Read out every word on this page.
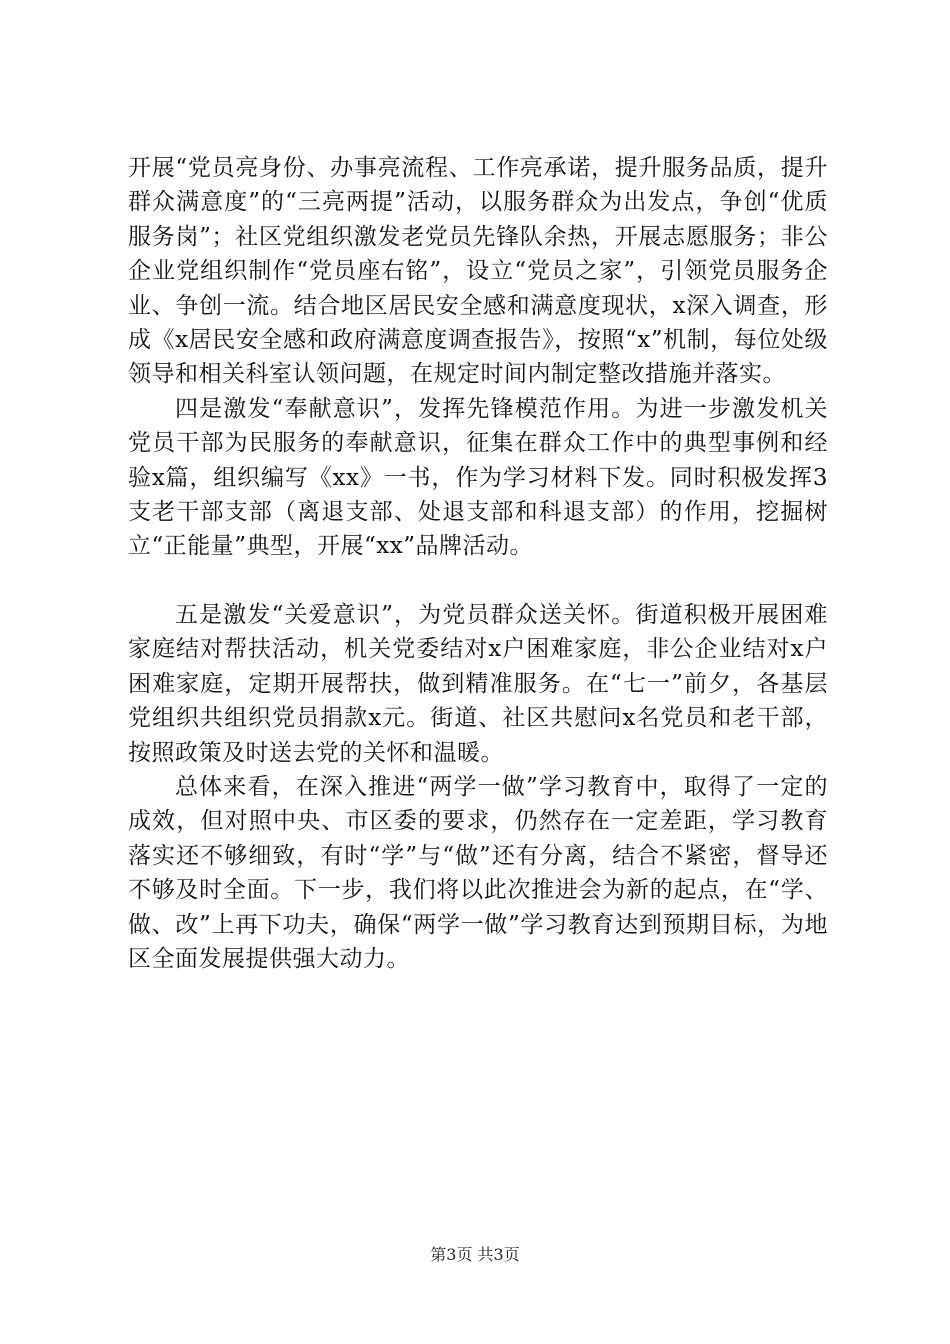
开展“党员亮身份、办事亮流程、工作亮承诺，提升服务品质，提升群众满意度”的“三亮两提”活动，以服务群众为出发点，争创“优质服务岗”；社区党组织激发老党员先锋队余热，开展志愿服务；非公企业党组织制作“党员座右铭”，设立“党员之家”，引领党员服务企业、争创一流。结合地区居民安全感和满意度现状，x深入调查，形成《x居民安全感和政府满意度调查报告》，按照“x”机制，每位处级领导和相关科室认领问题，在规定时间内制定整改措施并落实。

四是激发“奉献意识”，发挥先锋模范作用。为进一步激发机关党员干部为民服务的奉献意识，征集在群众工作中的典型事例和经验x篇，组织编写《xx》一书，作为学习材料下发。同时积极发挥3支老干部支部（离退支部、处退支部和科退支部）的作用，挖掘树立“正能量”典型，开展“xx”品牌活动。

五是激发“关爱意识”，为党员群众送关怀。街道积极开展困难家庭结对帮扶活动，机关党委结对x户困难家庭，非公企业结对x户困难家庭，定期开展帮扶，做到精准服务。在“七一”前夕，各基层党组织共组织党员捐款x元。街道、社区共慰问x名党员和老干部，按照政策及时送去党的关怀和温暖。

总体来看，在深入推进“两学一做”学习教育中，取得了一定的成效，但对照中央、市区委的要求，仍然存在一定差距，学习教育落实还不够细致，有时“学”与“做”还有分离，结合不紧密，督导还不够及时全面。下一步，我们将以此次推进会为新的起点，在“学、做、改”上再下功夫，确保“两学一做”学习教育达到预期目标，为地区全面发展提供强大动力。

第3页 共3页
